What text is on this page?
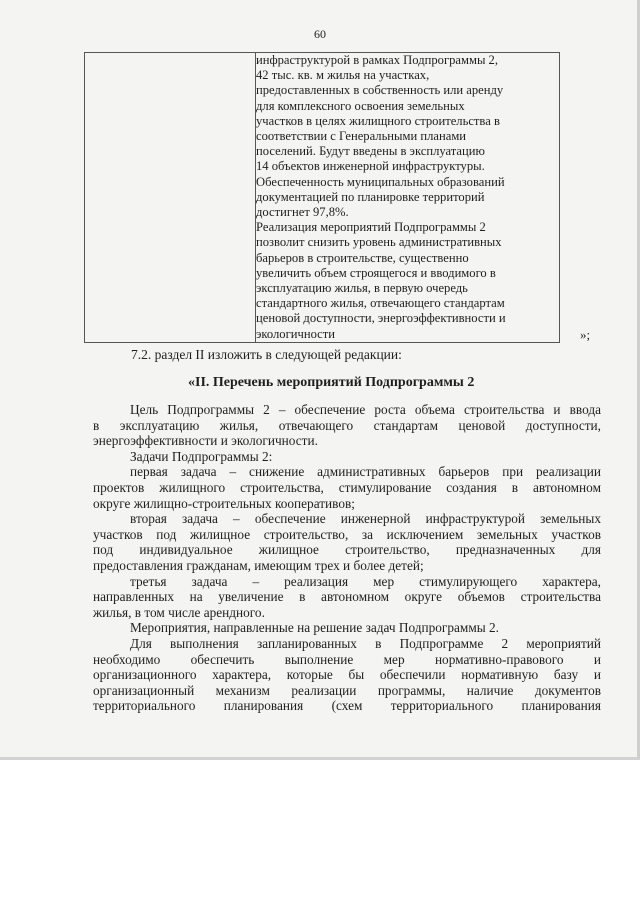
60

инфраструктурой в рамках Подпрограммы 2,
42 тыс. кв. м жилья на участках,
предоставленных в собственность или аренду
для комплексного освоения земельных
участков в целях жилищного строительства в
соответствии с Генеральными планами
поселений. Будут введены в эксплуатацию
14 объектов инженерной инфраструктуры.
Обеспеченность муниципальных образований
документацией по планировке территорий
достигнет 97,8%.
Реализация мероприятий Подпрограммы 2
позволит снизить уровень административных
барьеров в строительстве, существенно
увеличить объем строящегося и вводимого в
эксплуатацию жилья, в первую очередь
стандартного жилья, отвечающего стандартам
ценовой доступности, энергоэффективности и
экологичности	»;
7.2. раздел II изложить в следующей редакции:
«II. Перечень мероприятий Подпрограммы 2

Цель Подпрограммы 2 – обеспечение роста объема строительства и ввода
в эксплуатацию жилья, отвечающего стандартам ценовой доступности,
энергоэффективности и экологичности.

Задачи Подпрограммы 2:

первая задача – снижение административных барьеров при реализации
проектов жилищного строительства, стимулирование создания в автономном
округе жилищно-строительных кооперативов;

вторая задача – обеспечение инженерной инфраструктурой земельных
участков под жилищное строительство, за исключением земельных участков
под индивидуальное жилищное строительство, предназначенных для
предоставления гражданам, имеющим трех и более детей;

третья задача – реализация мер стимулирующего характера,
направленных на увеличение в автономном округе объемов строительства
жилья, в том числе арендного.

Мероприятия, направленные на решение задач Подпрограммы 2.

Для выполнения запланированных в Подпрограмме 2 мероприятий
необходимо обеспечить выполнение мер нормативно-правового и
организационного характера, которые бы обеспечили нормативную базу и
организационный механизм реализации программы, наличие документов
территориального планирования (схем территориального планирования
